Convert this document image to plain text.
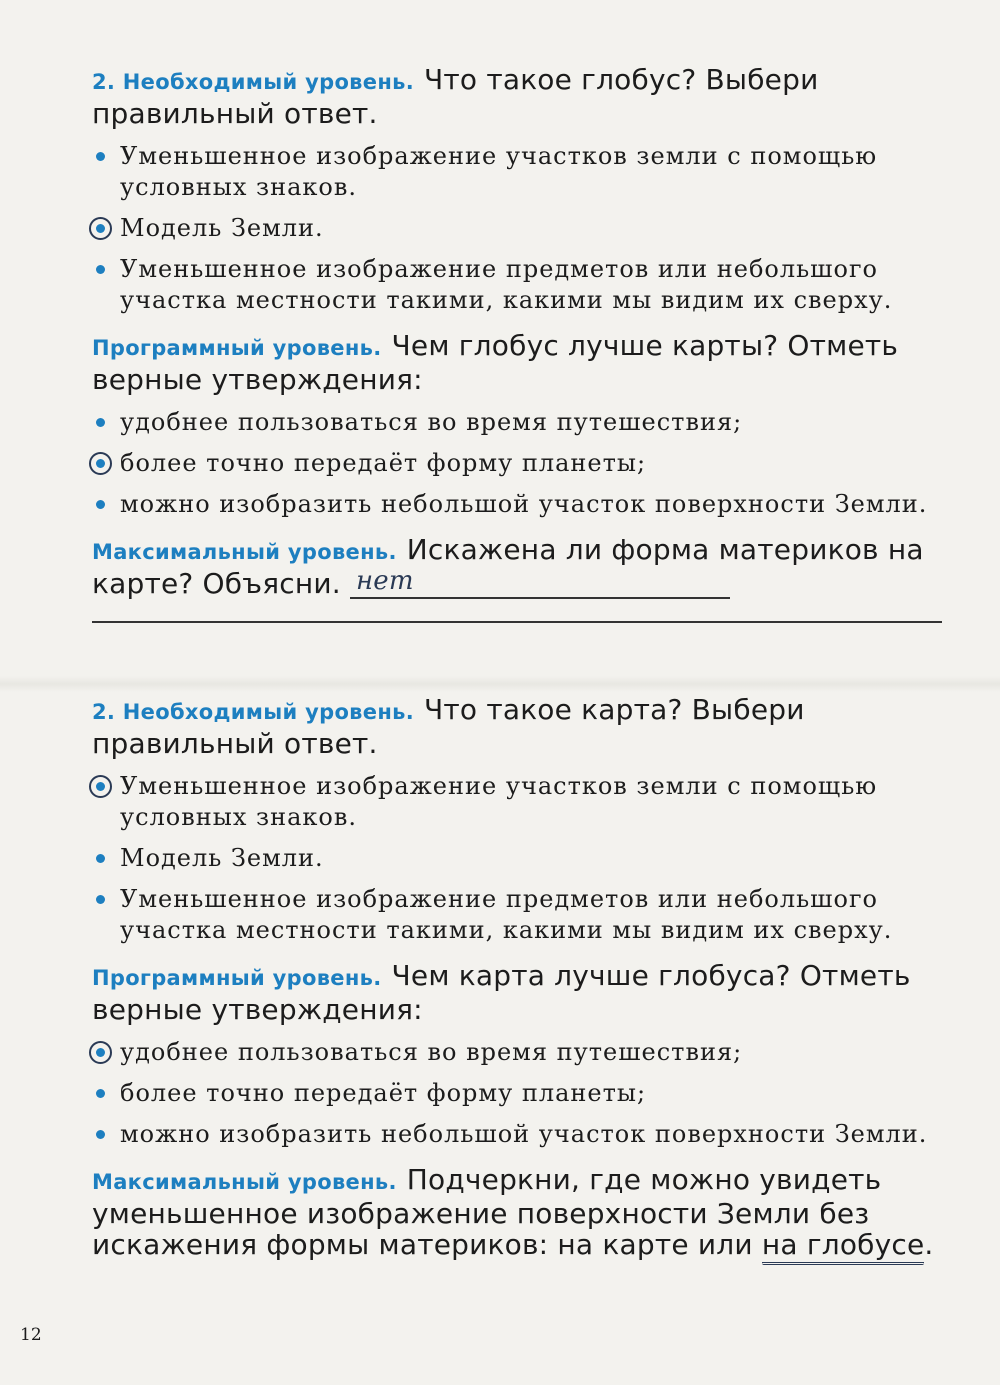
2. Необходимый уровень. Что такое глобус? Выбери правильный ответ.
Уменьшенное изображение участков земли с помощью условных знаков.
Модель Земли.
Уменьшенное изображение предметов или небольшого участка местности такими, какими мы видим их сверху.
Программный уровень. Чем глобус лучше карты? Отметь верные утверждения:
удобнее пользоваться во время путешествия;
более точно передаёт форму планеты;
можно изобразить небольшой участок поверхности Земли.
Максимальный уровень. Искажена ли форма материков на карте? Объясни. нет
2. Необходимый уровень. Что такое карта? Выбери правильный ответ.
Уменьшенное изображение участков земли с помощью условных знаков.
Модель Земли.
Уменьшенное изображение предметов или небольшого участка местности такими, какими мы видим их сверху.
Программный уровень. Чем карта лучше глобуса? Отметь верные утверждения:
удобнее пользоваться во время путешествия;
более точно передаёт форму планеты;
можно изобразить небольшой участок поверхности Земли.
Максимальный уровень. Подчеркни, где можно увидеть уменьшенное изображение поверхности Земли без искажения формы материков: на карте или на глобусе.
12
